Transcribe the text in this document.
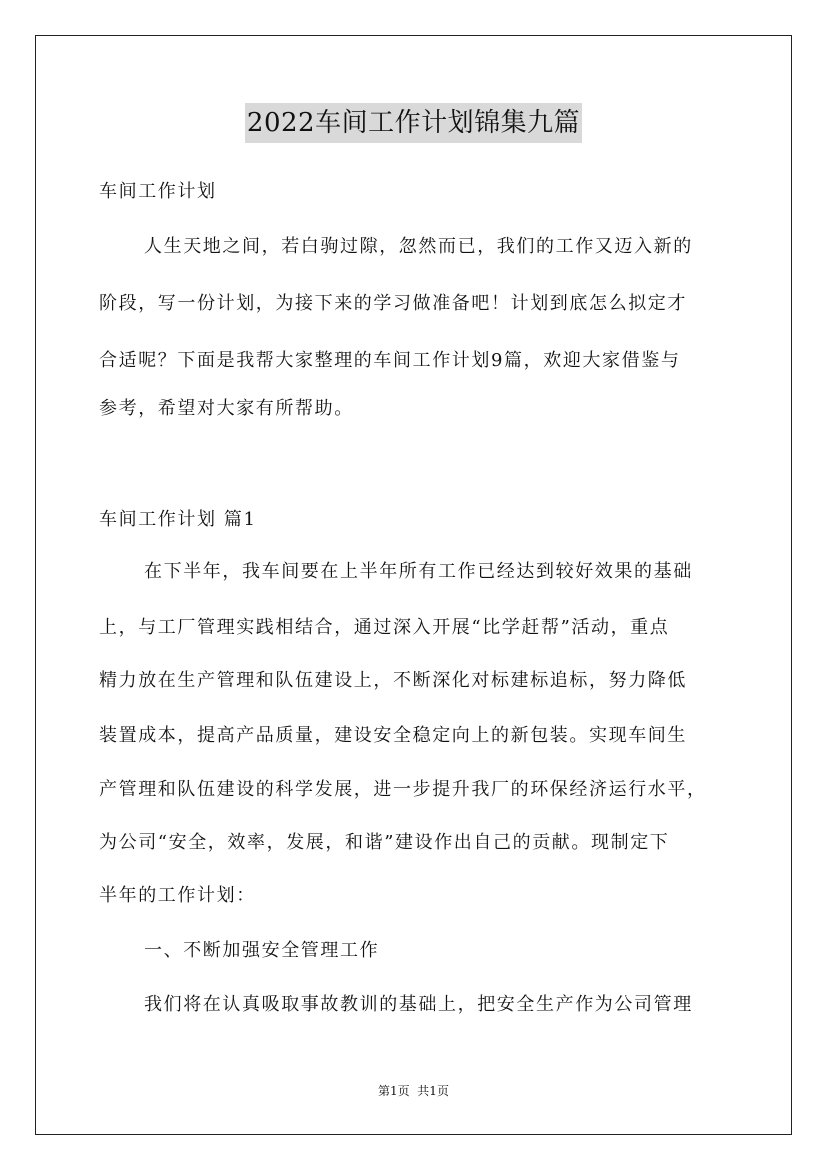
2022车间工作计划锦集九篇

车间工作计划

人生天地之间，若白驹过隙，忽然而已，我们的工作又迈入新的

阶段，写一份计划，为接下来的学习做准备吧！计划到底怎么拟定才

合适呢？下面是我帮大家整理的车间工作计划9篇，欢迎大家借鉴与

参考，希望对大家有所帮助。

车间工作计划 篇1

在下半年，我车间要在上半年所有工作已经达到较好效果的基础

上，与工厂管理实践相结合，通过深入开展“比学赶帮”活动，重点

精力放在生产管理和队伍建设上，不断深化对标建标追标，努力降低

装置成本，提高产品质量，建设安全稳定向上的新包装。实现车间生

产管理和队伍建设的科学发展，进一步提升我厂的环保经济运行水平，

为公司“安全，效率，发展，和谐”建设作出自己的贡献。现制定下

半年的工作计划：

一、不断加强安全管理工作

我们将在认真吸取事故教训的基础上，把安全生产作为公司管理

第1页  共1页
